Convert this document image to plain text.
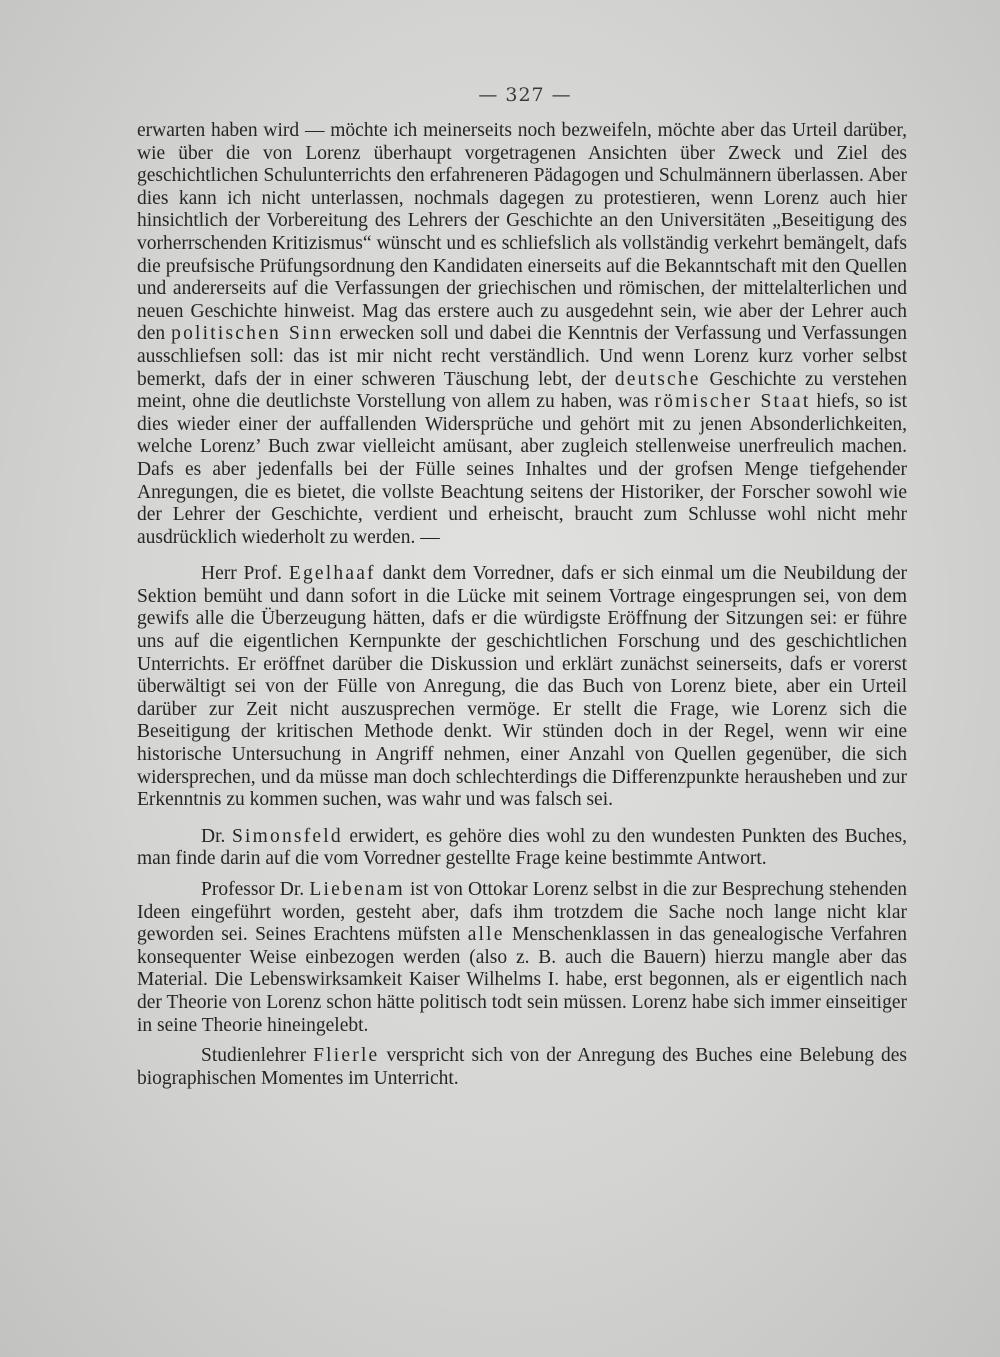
— 327 —

erwarten haben wird — möchte ich meinerseits noch bezweifeln, möchte aber das Urteil darüber, wie über die von Lorenz überhaupt vorgetragenen Ansichten über Zweck und Ziel des geschichtlichen Schulunterrichts den erfahreneren Pädagogen und Schulmännern überlassen. Aber dies kann ich nicht unterlassen, nochmals dagegen zu protestieren, wenn Lorenz auch hier hinsichtlich der Vorbereitung des Lehrers der Geschichte an den Universitäten „Beseitigung des vorherrschenden Kritizismus“ wünscht und es schliefslich als vollständig verkehrt bemängelt, dafs die preufsische Prüfungsordnung den Kandidaten einerseits auf die Bekanntschaft mit den Quellen und andererseits auf die Verfassungen der griechischen und römischen, der mittelalterlichen und neuen Geschichte hinweist. Mag das erstere auch zu ausgedehnt sein, wie aber der Lehrer auch den politischen Sinn erwecken soll und dabei die Kenntnis der Verfassung und Verfassungen ausschliefsen soll: das ist mir nicht recht verständlich. Und wenn Lorenz kurz vorher selbst bemerkt, dafs der in einer schweren Täuschung lebt, der deutsche Geschichte zu verstehen meint, ohne die deutlichste Vorstellung von allem zu haben, was römischer Staat hiefs, so ist dies wieder einer der auffallenden Widersprüche und gehört mit zu jenen Absonderlichkeiten, welche Lorenz’ Buch zwar vielleicht amüsant, aber zugleich stellenweise unerfreulich machen. Dafs es aber jedenfalls bei der Fülle seines Inhaltes und der grofsen Menge tiefgehender Anregungen, die es bietet, die vollste Beachtung seitens der Historiker, der Forscher sowohl wie der Lehrer der Geschichte, verdient und erheischt, braucht zum Schlusse wohl nicht mehr ausdrücklich wiederholt zu werden. —

Herr Prof. Egelhaaf dankt dem Vorredner, dafs er sich einmal um die Neubildung der Sektion bemüht und dann sofort in die Lücke mit seinem Vortrage eingesprungen sei, von dem gewifs alle die Überzeugung hätten, dafs er die würdigste Eröffnung der Sitzungen sei: er führe uns auf die eigentlichen Kernpunkte der geschichtlichen Forschung und des geschichtlichen Unterrichts. Er eröffnet darüber die Diskussion und erklärt zunächst seinerseits, dafs er vorerst überwältigt sei von der Fülle von Anregung, die das Buch von Lorenz biete, aber ein Urteil darüber zur Zeit nicht auszusprechen vermöge. Er stellt die Frage, wie Lorenz sich die Beseitigung der kritischen Methode denkt. Wir stünden doch in der Regel, wenn wir eine historische Untersuchung in Angriff nehmen, einer Anzahl von Quellen gegenüber, die sich widersprechen, und da müsse man doch schlechterdings die Differenzpunkte herausheben und zur Erkenntnis zu kommen suchen, was wahr und was falsch sei.

Dr. Simonsfeld erwidert, es gehöre dies wohl zu den wundesten Punkten des Buches, man finde darin auf die vom Vorredner gestellte Frage keine bestimmte Antwort.

Professor Dr. Liebenam ist von Ottokar Lorenz selbst in die zur Besprechung stehenden Ideen eingeführt worden, gesteht aber, dafs ihm trotzdem die Sache noch lange nicht klar geworden sei. Seines Erachtens müfsten alle Menschenklassen in das genealogische Verfahren konsequenter Weise einbezogen werden (also z. B. auch die Bauern) hierzu mangle aber das Material. Die Lebenswirksamkeit Kaiser Wilhelms I. habe, erst begonnen, als er eigentlich nach der Theorie von Lorenz schon hätte politisch todt sein müssen. Lorenz habe sich immer einseitiger in seine Theorie hineingelebt.

Studienlehrer Flierle verspricht sich von der Anregung des Buches eine Belebung des biographischen Momentes im Unterricht.
